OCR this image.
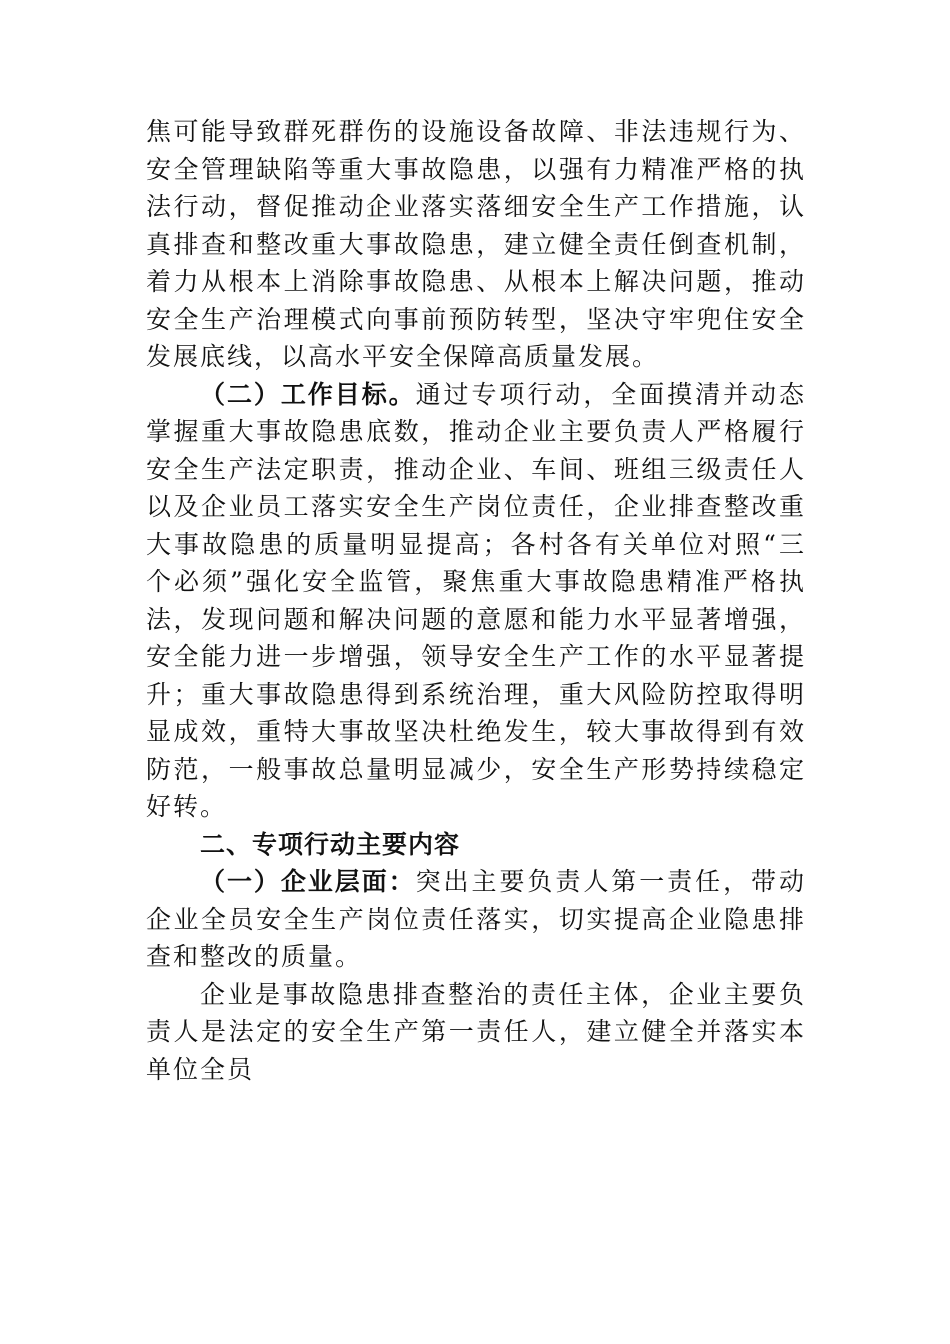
焦可能导致群死群伤的设施设备故障、非法违规行为、安全管理缺陷等重大事故隐患，以强有力精准严格的执法行动，督促推动企业落实落细安全生产工作措施，认真排查和整改重大事故隐患，建立健全责任倒查机制，着力从根本上消除事故隐患、从根本上解决问题，推动安全生产治理模式向事前预防转型，坚决守牢兜住安全发展底线，以高水平安全保障高质量发展。

（二）工作目标。通过专项行动，全面摸清并动态掌握重大事故隐患底数，推动企业主要负责人严格履行安全生产法定职责，推动企业、车间、班组三级责任人以及企业员工落实安全生产岗位责任，企业排查整改重大事故隐患的质量明显提高；各村各有关单位对照“三个必须”强化安全监管，聚焦重大事故隐患精准严格执法，发现问题和解决问题的意愿和能力水平显著增强，安全能力进一步增强，领导安全生产工作的水平显著提升；重大事故隐患得到系统治理，重大风险防控取得明显成效，重特大事故坚决杜绝发生，较大事故得到有效防范，一般事故总量明显减少，安全生产形势持续稳定好转。

二、专项行动主要内容

（一）企业层面：突出主要负责人第一责任，带动企业全员安全生产岗位责任落实，切实提高企业隐患排查和整改的质量。

企业是事故隐患排查整治的责任主体，企业主要负责人是法定的安全生产第一责任人，建立健全并落实本单位全员
